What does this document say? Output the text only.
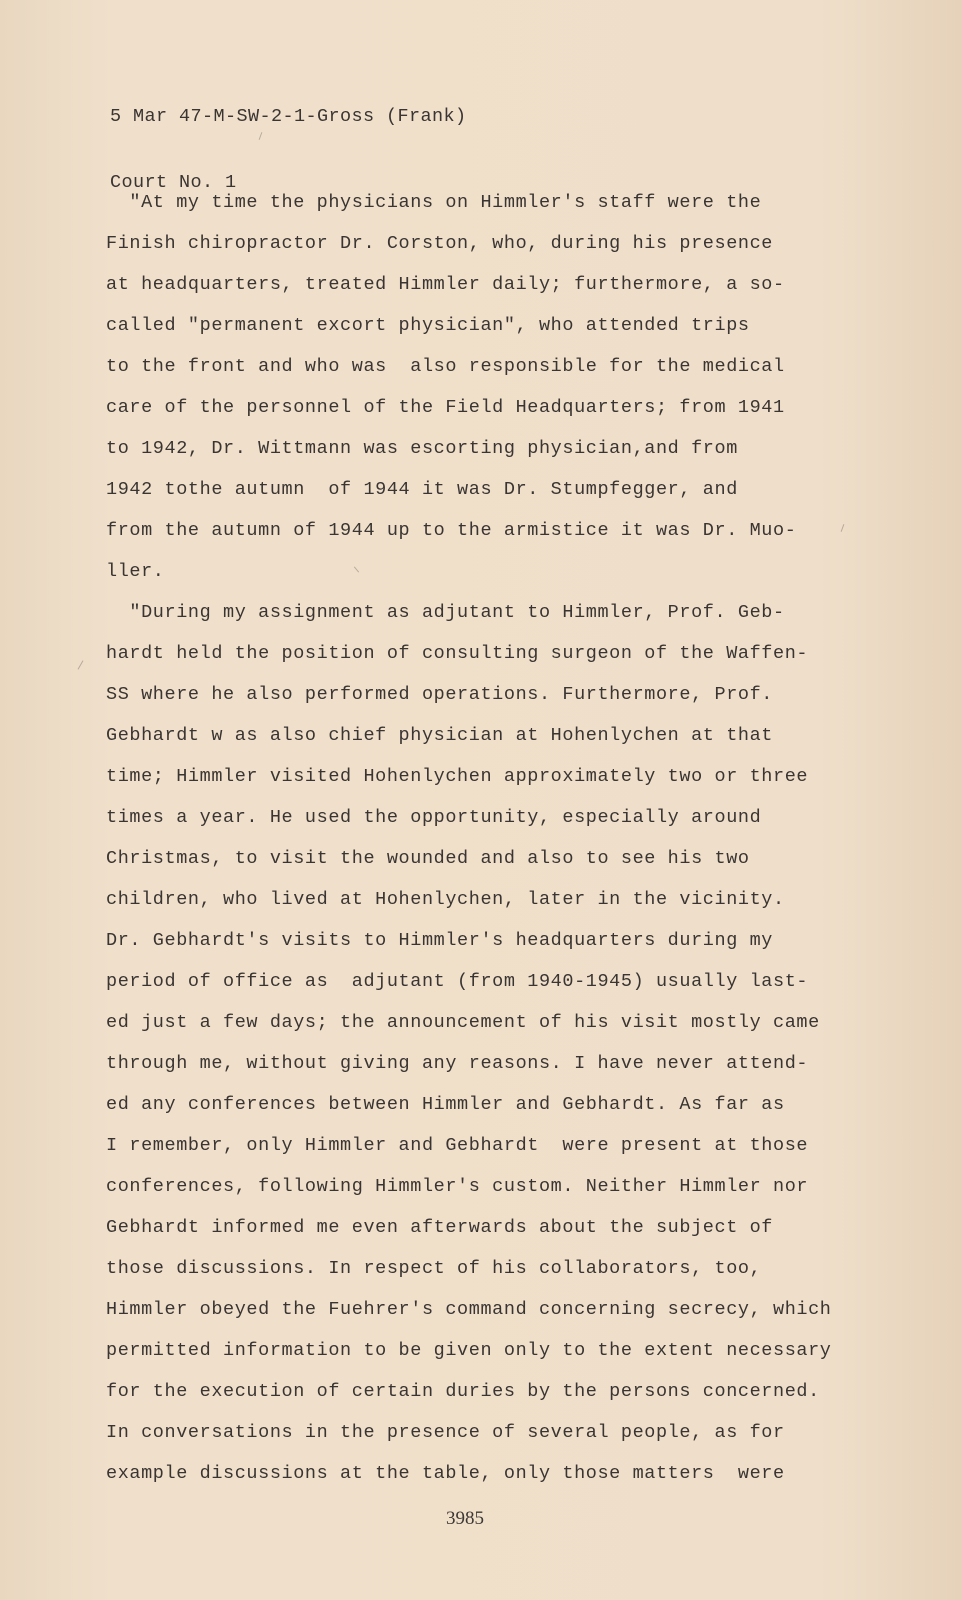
5 Mar 47-M-SW-2-1-Gross (Frank)

Court No. 1

"At my time the physicians on Himmler's staff were the
Finish chiropractor Dr. Corston, who, during his presence
at headquarters, treated Himmler daily; furthermore, a so-
called "permanent excort physician", who attended trips
to the front and who was  also responsible for the medical
care of the personnel of the Field Headquarters; from 1941
to 1942, Dr. Wittmann was escorting physician,and from
1942 tothe autumn  of 1944 it was Dr. Stumpfegger, and
from the autumn of 1944 up to the armistice it was Dr. Muo-
ller.
"During my assignment as adjutant to Himmler, Prof. Geb-
hardt held the position of consulting surgeon of the Waffen-
SS where he also performed operations. Furthermore, Prof.
Gebhardt w as also chief physician at Hohenlychen at that
time; Himmler visited Hohenlychen approximately two or three
times a year. He used the opportunity, especially around
Christmas, to visit the wounded and also to see his two
children, who lived at Hohenlychen, later in the vicinity.
Dr. Gebhardt's visits to Himmler's headquarters during my
period of office as  adjutant (from 1940-1945) usually last-
ed just a few days; the announcement of his visit mostly came
through me, without giving any reasons. I have never attend-
ed any conferences between Himmler and Gebhardt. As far as
I remember, only Himmler and Gebhardt  were present at those
conferences, following Himmler's custom. Neither Himmler nor
Gebhardt informed me even afterwards about the subject of
those discussions. In respect of his collaborators, too,
Himmler obeyed the Fuehrer's command concerning secrecy, which
permitted information to be given only to the extent necessary
for the execution of certain duries by the persons concerned.
In conversations in the presence of several people, as for
example discussions at the table, only those matters  were
3985
